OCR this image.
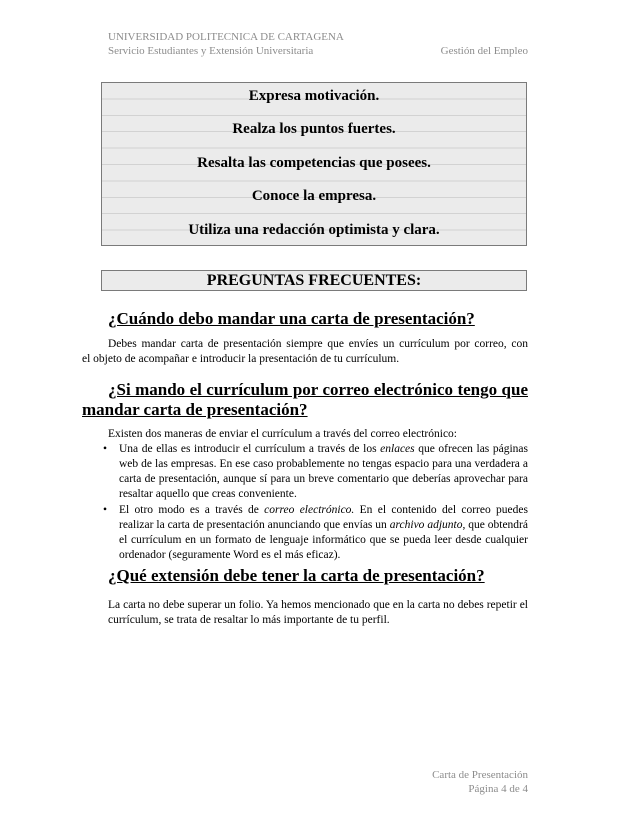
UNIVERSIDAD POLITECNICA DE CARTAGENA
Servicio Estudiantes y Extensión Universitaria	Gestión del Empleo
Expresa motivación.
Realza los puntos fuertes.
Resalta las competencias que posees.
Conoce la empresa.
Utiliza una redacción optimista y clara.
PREGUNTAS FRECUENTES:
¿Cuándo debo mandar una carta de presentación?
Debes mandar carta de presentación siempre que envíes un currículum por correo, con
el objeto de acompañar e introducir la presentación de tu currículum.
¿Si mando el currículum por correo electrónico tengo que
mandar carta de presentación?
Existen dos maneras de enviar el currículum a través del correo electrónico:
•	Una de ellas es introducir el currículum a través de los enlaces que ofrecen las páginas web de las empresas. En ese caso probablemente no tengas espacio para una verdadera a carta de presentación, aunque sí para un breve comentario que deberías aprovechar para resaltar aquello que creas conveniente.
•	El otro modo es a través de correo electrónico. En el contenido del correo puedes realizar la carta de presentación anunciando que envías un archivo adjunto, que obtendrá el currículum en un formato de lenguaje informático que se pueda leer desde cualquier ordenador (seguramente Word es el más eficaz).
¿Qué extensión debe tener la carta de presentación?
La carta no debe superar un folio. Ya hemos mencionado que en la carta no debes repetir el currículum, se trata de resaltar lo más importante de tu perfil.
Carta de Presentación
Página 4 de 4
